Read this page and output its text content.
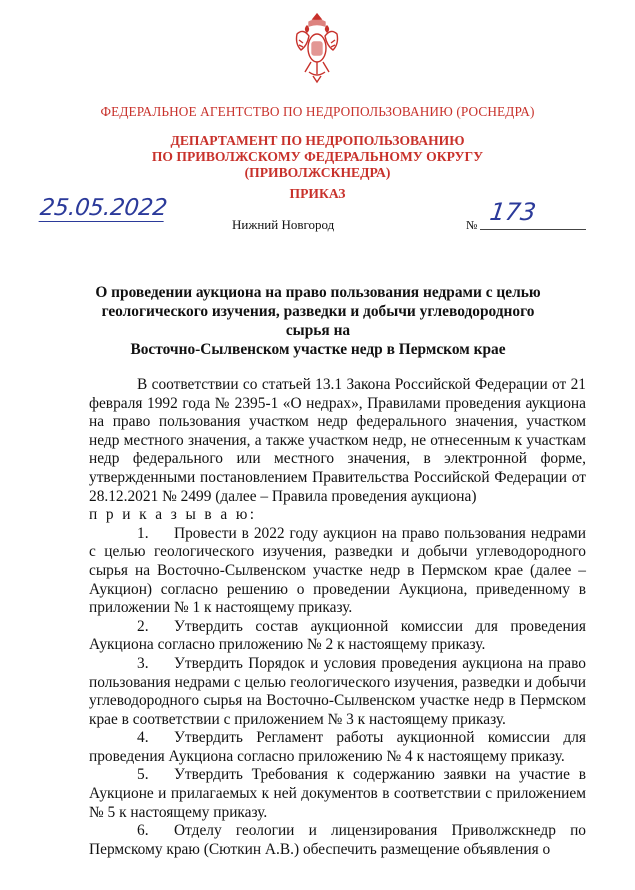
ФЕДЕРАЛЬНОЕ АГЕНТСТВО ПО НЕДРОПОЛЬЗОВАНИЮ (РОСНЕДРА)
ДЕПАРТАМЕНТ ПО НЕДРОПОЛЬЗОВАНИЮ
ПО ПРИВОЛЖСКОМУ ФЕДЕРАЛЬНОМУ ОКРУГУ
(ПРИВОЛЖСКНЕДРА)
ПРИКАЗ
25.05.2022
Нижний Новгород	№ 173
О проведении аукциона на право пользования недрами с целью
геологического изучения, разведки и добычи углеводородного сырья на
Восточно-Сылвенском участке недр в Пермском крае

В соответствии со статьей 13.1 Закона Российской Федерации от 21 февраля 1992 года № 2395-1 «О недрах», Правилами проведения аукциона на право пользования участком недр федерального значения, участком недр местного значения, а также участком недр, не отнесенным к участкам недр федерального или местного значения, в электронной форме, утвержденными постановлением Правительства Российской Федерации от 28.12.2021 № 2499 (далее – Правила проведения аукциона)

п р и к а з ы в а ю:

1. Провести в 2022 году аукцион на право пользования недрами с целью геологического изучения, разведки и добычи углеводородного сырья на Восточно-Сылвенском участке недр в Пермском крае (далее – Аукцион) согласно решению о проведении Аукциона, приведенному в приложении № 1 к настоящему приказу.

2. Утвердить состав аукционной комиссии для проведения Аукциона согласно приложению № 2 к настоящему приказу.

3. Утвердить Порядок и условия проведения аукциона на право пользования недрами с целью геологического изучения, разведки и добычи углеводородного сырья на Восточно-Сылвенском участке недр в Пермском крае в соответствии с приложением № 3 к настоящему приказу.

4. Утвердить Регламент работы аукционной комиссии для проведения Аукциона согласно приложению № 4 к настоящему приказу.

5. Утвердить Требования к содержанию заявки на участие в Аукционе и прилагаемых к ней документов в соответствии с приложением № 5 к настоящему приказу.

6. Отделу геологии и лицензирования Приволжскнедр по Пермскому краю (Сюткин А.В.) обеспечить размещение объявления о
